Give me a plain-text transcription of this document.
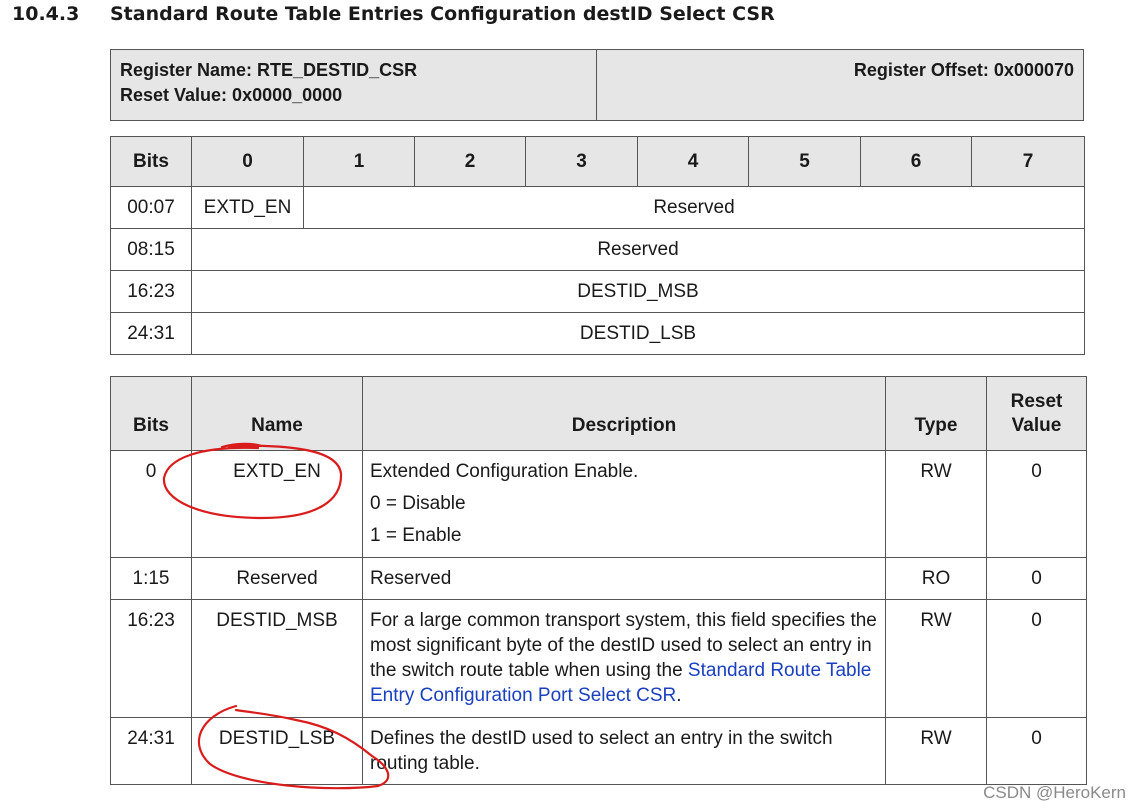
10.4.3 Standard Route Table Entries Configuration destID Select CSR
Register Name: RTE_DESTID_CSR
Reset Value: 0x0000_0000
Register Offset: 0x000070
Bits	0	1	2	3	4	5	6	7
00:07	EXTD_EN	Reserved						
08:15	Reserved							
16:23	DESTID_MSB							
24:31	DESTID_LSB							
Bits	Name	Description	Type	Reset
Value

0	EXTD_EN	Extended Configuration Enable.

0 = Disable

1 = Enable	RW	0
1:15	Reserved	Reserved	RO	0
16:23	DESTID_MSB	For a large common transport system, this field specifies the most significant byte of the destID used to select an entry in the switch route table when using the Standard Route Table Entry Configuration Port Select CSR.	RW	0
24:31	DESTID_LSB	Defines the destID used to select an entry in the switch routing table.	RW	0
CSDN @HeroKern
